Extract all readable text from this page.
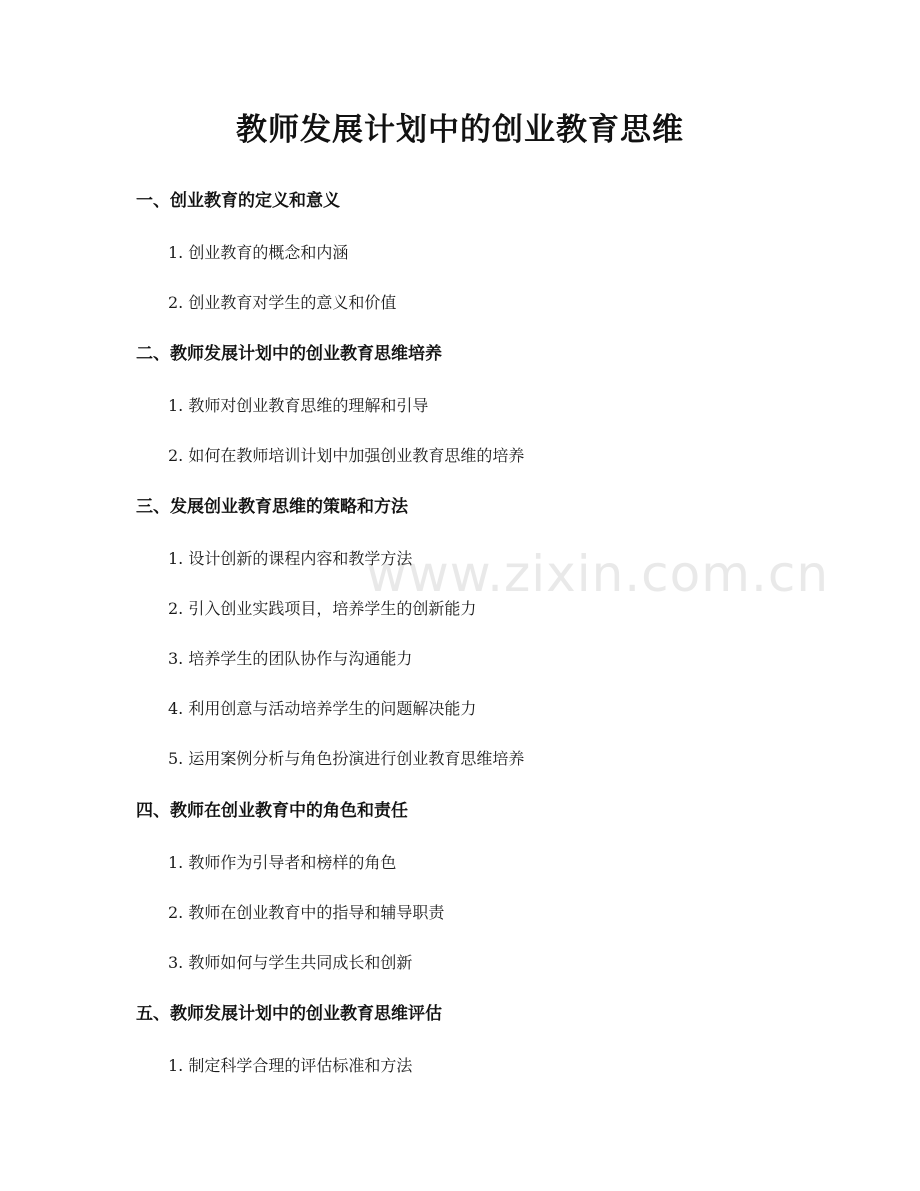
教师发展计划中的创业教育思维
一、创业教育的定义和意义
1. 创业教育的概念和内涵
2. 创业教育对学生的意义和价值
二、教师发展计划中的创业教育思维培养
1. 教师对创业教育思维的理解和引导
2. 如何在教师培训计划中加强创业教育思维的培养
三、发展创业教育思维的策略和方法
1. 设计创新的课程内容和教学方法
2. 引入创业实践项目，培养学生的创新能力
3. 培养学生的团队协作与沟通能力
4. 利用创意与活动培养学生的问题解决能力
5. 运用案例分析与角色扮演进行创业教育思维培养
四、教师在创业教育中的角色和责任
1. 教师作为引导者和榜样的角色
2. 教师在创业教育中的指导和辅导职责
3. 教师如何与学生共同成长和创新
五、教师发展计划中的创业教育思维评估
1. 制定科学合理的评估标准和方法
www.zixin.com.cn
